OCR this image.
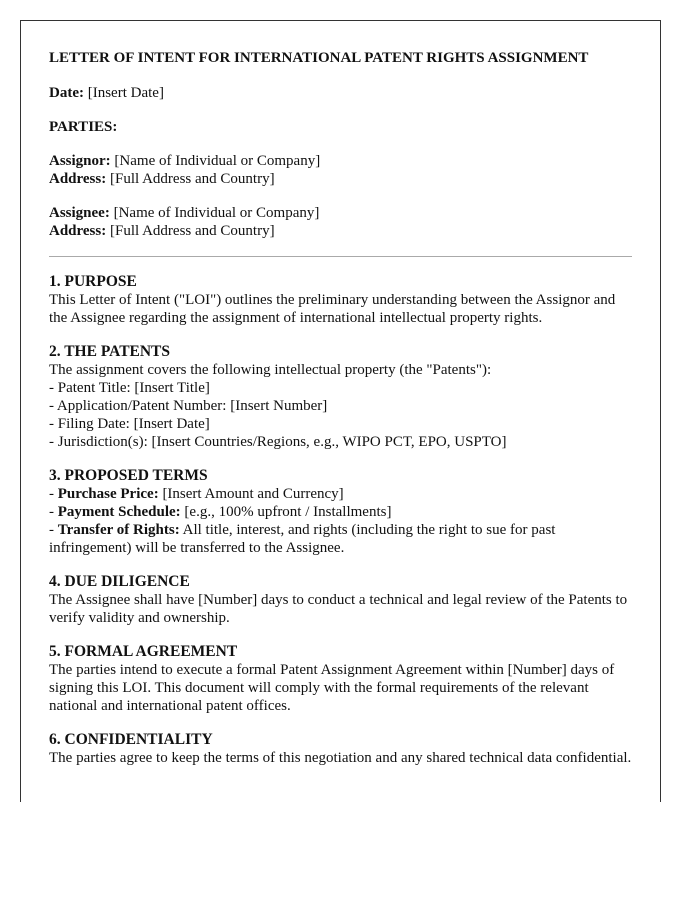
LETTER OF INTENT FOR INTERNATIONAL PATENT RIGHTS ASSIGNMENT

Date: [Insert Date]

PARTIES:

Assignor: [Name of Individual or Company]
Address: [Full Address and Country]

Assignee: [Name of Individual or Company]
Address: [Full Address and Country]

1. PURPOSE
This Letter of Intent ("LOI") outlines the preliminary understanding between the Assignor and the Assignee regarding the assignment of international intellectual property rights.
2. THE PATENTS
The assignment covers the following intellectual property (the "Patents"):
- Patent Title: [Insert Title]
- Application/Patent Number: [Insert Number]
- Filing Date: [Insert Date]
- Jurisdiction(s): [Insert Countries/Regions, e.g., WIPO PCT, EPO, USPTO]
3. PROPOSED TERMS
- Purchase Price: [Insert Amount and Currency]
- Payment Schedule: [e.g., 100% upfront / Installments]
- Transfer of Rights: All title, interest, and rights (including the right to sue for past infringement) will be transferred to the Assignee.
4. DUE DILIGENCE
The Assignee shall have [Number] days to conduct a technical and legal review of the Patents to verify validity and ownership.
5. FORMAL AGREEMENT
The parties intend to execute a formal Patent Assignment Agreement within [Number] days of signing this LOI. This document will comply with the formal requirements of the relevant national and international patent offices.
6. CONFIDENTIALITY
The parties agree to keep the terms of this negotiation and any shared technical data confidential.
